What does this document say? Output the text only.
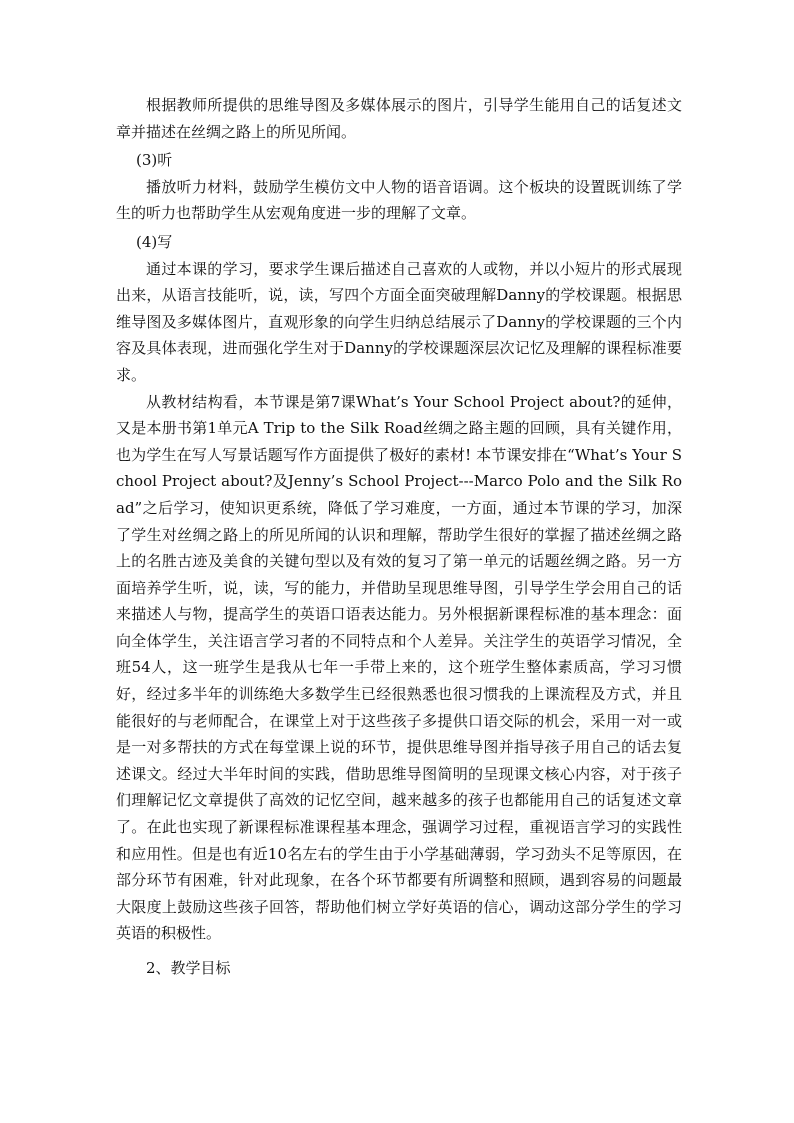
根据教师所提供的思维导图及多媒体展示的图片，引导学生能用自己的话复述文章并描述在丝绸之路上的所见所闻。

(3)听

播放听力材料，鼓励学生模仿文中人物的语音语调。这个板块的设置既训练了学生的听力也帮助学生从宏观角度进一步的理解了文章。

(4)写

通过本课的学习，要求学生课后描述自己喜欢的人或物，并以小短片的形式展现出来，从语言技能听，说，读，写四个方面全面突破理解Danny的学校课题。根据思维导图及多媒体图片，直观形象的向学生归纳总结展示了Danny的学校课题的三个内容及具体表现，进而强化学生对于Danny的学校课题深层次记忆及理解的课程标准要求。

从教材结构看，本节课是第7课What’s Your School Project about?的延伸，又是本册书第1单元A Trip to the Silk Road丝绸之路主题的回顾，具有关键作用，也为学生在写人写景话题写作方面提供了极好的素材! 本节课安排在“What’s Your School Project about?及Jenny’s School Project---Marco Polo and the Silk Road”之后学习，使知识更系统，降低了学习难度，一方面，通过本节课的学习，加深了学生对丝绸之路上的所见所闻的认识和理解，帮助学生很好的掌握了描述丝绸之路上的名胜古迹及美食的关键句型以及有效的复习了第一单元的话题丝绸之路。另一方面培养学生听，说，读，写的能力，并借助呈现思维导图，引导学生学会用自己的话来描述人与物，提高学生的英语口语表达能力。另外根据新课程标准的基本理念：面向全体学生，关注语言学习者的不同特点和个人差异。关注学生的英语学习情况，全班54人，这一班学生是我从七年一手带上来的，这个班学生整体素质高，学习习惯好，经过多半年的训练绝大多数学生已经很熟悉也很习惯我的上课流程及方式，并且能很好的与老师配合，在课堂上对于这些孩子多提供口语交际的机会，采用一对一或是一对多帮扶的方式在每堂课上说的环节，提供思维导图并指导孩子用自己的话去复述课文。经过大半年时间的实践，借助思维导图简明的呈现课文核心内容，对于孩子们理解记忆文章提供了高效的记忆空间，越来越多的孩子也都能用自己的话复述文章了。在此也实现了新课程标准课程基本理念，强调学习过程，重视语言学习的实践性和应用性。但是也有近10名左右的学生由于小学基础薄弱，学习劲头不足等原因，在部分环节有困难，针对此现象，在各个环节都要有所调整和照顾，遇到容易的问题最大限度上鼓励这些孩子回答，帮助他们树立学好英语的信心，调动这部分学生的学习英语的积极性。

2、教学目标
